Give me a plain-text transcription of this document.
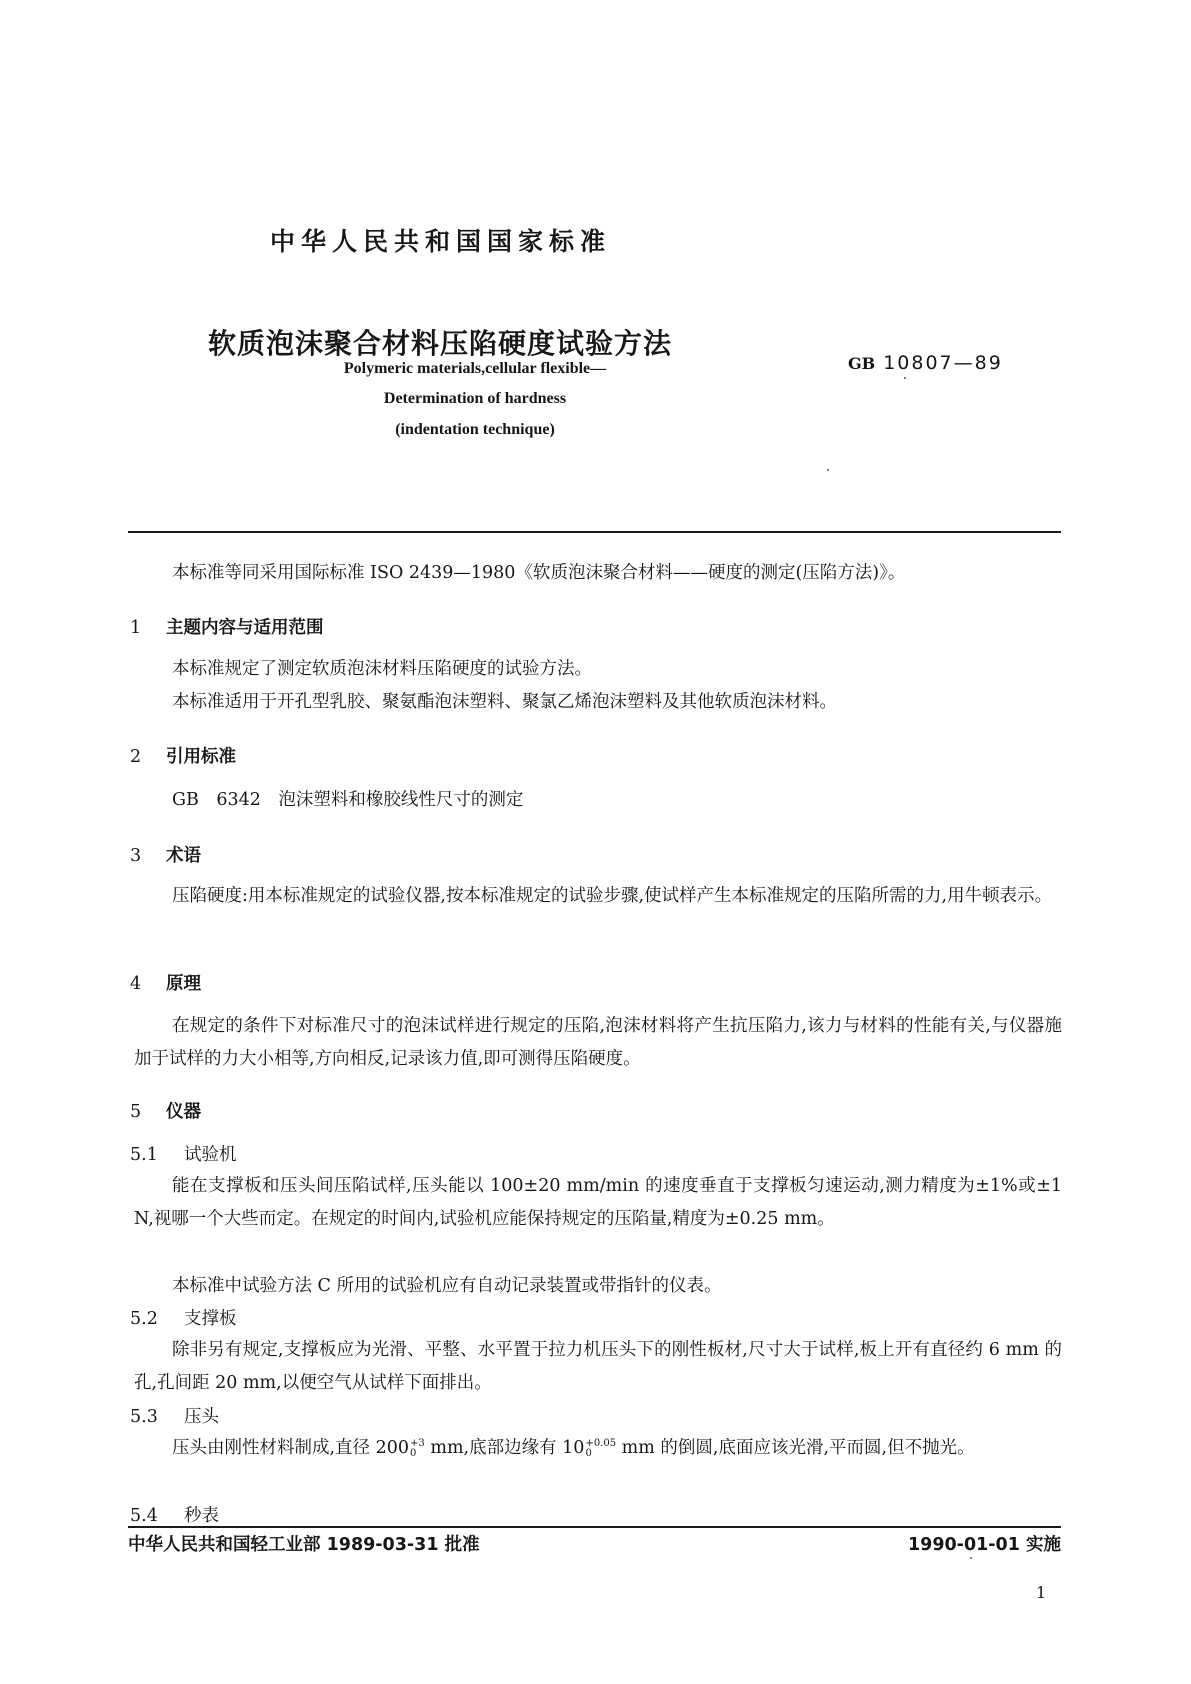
中华人民共和国国家标准
软质泡沫聚合材料压陷硬度试验方法
GB 10807—89
Polymeric materials,cellular flexible—
Determination of hardness
(indentation technique)
本标准等同采用国际标准 ISO 2439—1980《软质泡沫聚合材料——硬度的测定(压陷方法)》。
1 主题内容与适用范围
本标准规定了测定软质泡沫材料压陷硬度的试验方法。
本标准适用于开孔型乳胶、聚氨酯泡沫塑料、聚氯乙烯泡沫塑料及其他软质泡沫材料。
2 引用标准
GB　6342　泡沫塑料和橡胶线性尺寸的测定
3 术语
压陷硬度:用本标准规定的试验仪器,按本标准规定的试验步骤,使试样产生本标准规定的压陷所需的力,用牛顿表示。
4 原理
在规定的条件下对标准尺寸的泡沫试样进行规定的压陷,泡沫材料将产生抗压陷力,该力与材料的性能有关,与仪器施加于试样的力大小相等,方向相反,记录该力值,即可测得压陷硬度。
5 仪器
5.1 试验机
能在支撑板和压头间压陷试样,压头能以 100±20 mm/min 的速度垂直于支撑板匀速运动,测力精度为±1%或±1 N,视哪一个大些而定。在规定的时间内,试验机应能保持规定的压陷量,精度为±0.25 mm。
本标准中试验方法 C 所用的试验机应有自动记录装置或带指针的仪表。
5.2 支撑板
除非另有规定,支撑板应为光滑、平整、水平置于拉力机压头下的刚性板材,尺寸大于试样,板上开有直径约 6 mm 的孔,孔间距 20 mm,以便空气从试样下面排出。
5.3 压头
压头由刚性材料制成,直径 200 +3
0 mm,底部边缘有 10 +0.05
0	mm 的倒圆,底面应该光滑,平而圆,但不抛光。
5.4 秒表
中华人民共和国轻工业部 1989-03-31 批准	1990-01-01 实施
1
